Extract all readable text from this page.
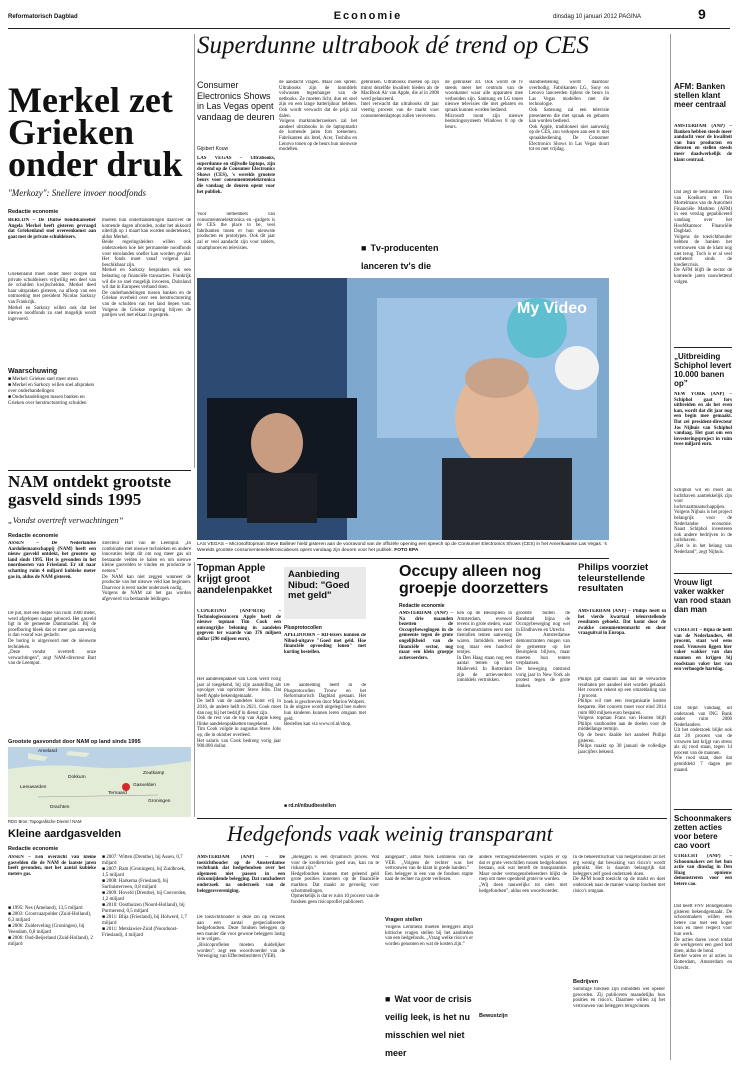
Reformatorisch Dagblad	Economie	dinsdag 10 januari 2012 PAGINA	9
Merkel zet Grieken onder druk
"Merkozy": Snellere invoer noodfonds
Redactie economie
BERLIJN – De Duitse bondskanselier Angela Merkel heeft gisteren gevraagd dat Griekenland snel overeenkomst aan gaat met de private schuldeisers.
Griekenland moet onder meer zorgen dat private schuldeisers vrijwillig een deel van de schulden kwijtschelden. Merkel deed haar uitspraken gisteren, na afloop van een ontmoeting met president Nicolas Sarkozy van Frankrijk.
Merkel en Sarkozy willen ook dat het nieuwe noodfonds zo snel mogelijk wordt ingevoerd.
Waarschuwing
■ Merkel: Grieken snel meer steun
■ Merkel en Sarkozy willen snel afspraken over onderhandelingen
■ Onderhandelingen tussen banken en Grieken over herstructurering schulden
moeten hun onderhandelingen daarover de komende dagen afronden, zodat het akkoord uiterlijk op 1 maart kan worden ondertekend, aldus Merkel.
Beide regeringsleiders willen ook onderzoeken hoe het permanente noodfonds voor eurolanden sneller kan worden gevuld. Het fonds moet vanaf volgend jaar beschikbaar zijn.
Merkel en Sarkozy bespraken ook een belasting op financiële transacties. Frankrijk wil die zo snel mogelijk invoeren, Duitsland wil dat in Europees verband doen.
De onderhandelingen tussen banken en de Griekse overheid over een herstructurering van de schulden van het land liepen vast. Volgens de Griekse regering blijven de partijen wel met elkaar in gesprek.
Superdunne ultrabook dé trend op CES
Consumer Electronics Shows in Las Vegas opent vandaag de deuren
Gijsbert Kouw
LAS VEGAS – Ultrabooks, superdunne en stijlvolle laptops, zijn de trend op de Consumer Electronics Shows (CES), 's werelds grootste beurs voor consumentenelektronica die vandaag de deuren opent voor het publiek.
Voor liefhebbers van consumentenelektronica en -gadgets is de CES the place to be, veel fabrikanten tonen er hun nieuwste producten en prototypes. Ook dit jaar zal er veel aandacht zijn voor tablets, smartphones en televisies.
de aandacht vragen. Maar ook sprekt. Ultrabooks zijn de inmiddels volwassen tegenhanger van de netbooks. Ze moeten licht, dun en snel zijn en een lange batterijduur hebben. Ook wordt verwacht dat de prijs zal dalen.
Volgens marktonderzoekers zal het aandeel ultrabooks in de laptopmarkt de komende jaren fors toenemen. Fabrikanten als Intel, Acer, Toshiba en Lenovo tonen op de beurs hun nieuwste modellen.
gebruiken. Ultrabooks moeten op zijn minst dezelfde kwaliteit bieden als de MacBook Air van Apple, die al in 2008 werd gelanceerd.
Intel verwacht dat ultrabooks dit jaar veertig procent van de markt voor consumentenlaptops zullen veroveren.
■ Tv-producenten lanceren tv's die
de gebruiker zit. Ook wordt de tv steeds meer het centrum van de woonkamer waar alle apparaten mee verbonden zijn. Samsung en LG tonen nieuwe televisies die met gebaren en spraak kunnen worden bediend.
Microsoft toont zijn nieuwe besturingssysteem Windows 8 op de beurs.
standbediening wordt daardoor overbodig. Fabrikanten LG, Sony en Lenovo lanceerden tijdens de beurs in Las Vegas modellen met die technologie.
Ook Samsung zal een televisie presenteren die met spraak en gebaren kan worden bediend.
Ook Apple, traditioneel niet aanwezig op de CES, zou verkopen aan een tv met spraakbediening. De Consumer Electronics Shows in Las Vegas duurt tot en met vrijdag.
My Video
LAS VEGAS – Microsofttopman Steve Ballmer hield gisteren aan de vooravond van de officiële opening een speech op de Consumer Electronics Shows (CES) in het Amerikaanse Las Vegas. 's Werelds grootste consumentenelektronicabeurs opent vandaag zijn deuren voor het publiek. FOTO EPA
NAM ontdekt grootste gasveld sinds 1995
„Vondst overtreft verwachtingen”
Redactie economie
ASSEN – De Nederlandse Aardoliemaatschappij (NAM) heeft een nieuw gasveld ontdekt, het grootste op land sinds 1995. Het is gevonden in het noordoosten van Friesland. Er zit naar schatting ruim 4 miljard kubieke meter gas in, aldus de NAM gisteren.
De put, met een diepte van ruim 3900 meter, werd afgelopen najaar geboord. Het gasveld ligt in de gemeente Dantumadiel. Bij de proefboring bleek dat er meer gas aanwezig is dan vooraf was gedacht.
De boring is uitgevoerd met de nieuwste technieken.
„Deze vondst overtreft onze verwachtingen”, zegt NAM-directeur Bart van de Leemput.
directeur Bart van de Leemput. „In combinatie met nieuwe technieken en andere innovaties helpt dit om nog meer gas uit bestaande velden te halen en om nieuwe kleine gasvelden te vinden en productie te nemen.”
De NAM kan niet zeggen wanneer de productie van het nieuwe veld kan beginnen. Daarvoor is eerst nader onderzoek nodig.
Volgens de NAM zal het gas worden afgevoerd via bestaande leidingen.
Grootste gasvondst door NAM op land sinds 1995
Leeuwarden
Dokkum
Ameland
Groningen
Drachten
Zoutkamp
Gasvelden
Ternaard
RDG Bron: Topografische Dienst / NAM
Kleine aardgasvelden
Redactie economie
ASSEN – Een overzicht van kleine gasvelden die de NAM de laatste jaren heeft gevonden, met het aantal kubieke meters gas.
■ 1995: Nes (Ameland), 13,5 miljard
■ 2003: Grootvaarpolder (Zuid-Holland), 0,3 miljard
■ 2006: Zuiderveling (Groningen), bij Veendam, 0,8 miljard
■ 2006: Oud-Beijerland (Zuid-Holland), 2 miljard
■ 2007: Witten (Drenthe), bij Assen, 0,7 miljard
■ 2007: Ram (Groningen), bij Zuidbroek, 1,5 miljard
■ 2008: Harkema (Friesland), bij Surhuisterveen, 0,8 miljard
■ 2009: Hoveld (Drenthe), bij Coevorden, 1,2 miljard
■ 2010: Oosthuizen (Noord-Holland), bij Purmerend, 0,5 miljard
■ 2011: Blija (Friesland), bij Holwerd, 1,7 miljard
■ 2011: Metslawier-Zuid (Noordoost-Friesland), 4 miljard
Topman Apple krijgt groot aandelenpakket
CUPERTINO (ANP/RTR) – Technologieconcern Apple heeft de nieuwe topman Tim Cook een omvangrijke beloning in aandelen gegeven ter waarde van 376 miljoen dollar (296 miljoen euro).
Het aandelenpakket van Cook werd vorig jaar al toegekend, bij zijn aanstelling als opvolger van oprichter Steve Jobs. Dat heeft Apple bekendgemaakt.
De helft van de aandelen komt vrij in 2016, de andere helft in 2021. Cook moet dan nog bij het bedrijf in dienst zijn.
Ook de rest van de top van Apple kreeg flinke aandelenpakketten toegekend.
Tim Cook volgde in augustus Steve Jobs op, die in oktober overleed.
Het salaris van Cook bedroeg vorig jaar 900.000 dollar.
Aanbieding Nibud: "Goed met geld"
Plusprotocollen
APELDOORN – RD-lezers kunnen de Nibud-uitgave "Goed met geld. Hoe financiële opvoeding lonen" met korting bestellen.
De aanbieding heeft in de Plusprotocollen Trouw en het Reformatorisch Dagblad gestaan. Het boek is geschreven door Marion Wolpers.
In de uitgave wordt uitgelegd hoe ouders hun kinderen kunnen leren omgaan met geld.
Bestellen kan via www.rd.nl/shop.
■ rd.nl/nibudbestellen
Occupy alleen nog groepje doorzetters
Redactie economie
AMSTERDAM (ANP) – Na drie maanden bezetten de Occupybewegingen in de gemeente tegen de grote ongelijkheid van de financiële sector, nog maar een klein groepje actievoerders.
ken op de Beursplein in Amsterdam, evenwel tevens in grote steden, waar de demonstranten eerst met tientallen tenten aanwezig waren. Inmiddels resteert nog maar een handvol tentjes.
In Den Haag staan nog een aantal tenten op het Malieveld. In Rotterdam zijn de actievoerders inmiddels vertrokken.
grootste buiten de Randstad bijna de Occupybeweging nog wel in Eindhoven en Utrecht.
De Amsterdamse demonstranten mogen van de gemeente op het Beursplein blijven, maar moeten hun tenten verplaatsen.
De beweging ontstond vorig jaar in New York als protest tegen de grote banken.
Philips voorziet teleurstellende resultaten
AMSTERDAM (ANP) – Philips heeft in het vierde kwartaal teleurstellende resultaten geboekt. Dat komt door de zwakke consumentenmarkt en door vraaguitval in Europa.
Philips gaf daarom aan dat de verwachte resultaten per aandeel niet worden gehaald. Het concern rekent op een omzetdaling van 1 procent.
Philips wil met een reorganisatie kosten besparen. Het concern moet voor eind 2014 ruim 800 miljoen euro besparen.
Volgens topman Frans van Houten blijft Philips vasthouden aan de doelen voor de middellange termijn.
Op de beurs daalde het aandeel Philips gisteren.
Philips maakt op 30 januari de volledige jaarcijfers bekend.
Hedgefonds vaak weinig transparant
AMSTERDAM (ANP) – De toezichthouder op de Amsterdamse rechtbank dat hedgefondsen over het algemeen niet passen in een risicomijdende belegging. Dat concludeert onderzoek na onderzoek van de beleggersvereniging.
De toezichthouder is deze zin op verzoek aan een aantal gespecialiseerde hedgefondsen. Deze fondsen beleggen op een manier die voor gewone beleggers lastig is te volgen.
„Risicoprofielen moeten duidelijker worden”, zegt een woordvoerder van de Vereniging van Effectenbezitters (VEB).
„Beleggen is een dynamisch proces. Wat voor de kredietcrisis goed was, kan nu te riskant zijn.”
Hedgefondsen kunnen met geleend geld grote posities innemen op de financiële markten. Dat maakt ze gevoelig voor schommelingen.
Opmerkelijk is dat er ruim 10 procent van de fondsen geen risicoprofiel publiceert.
aangepast”, aldus Niels Lemmens van de VEB. „Volgens de rechter was het vertrouwen van de klant in goede handen.”
Een belegger in een van de fondsen stapte naar de rechter na grote verliezen.
Vragen stellen
Volgens Lemmens moeten beleggers altijd kritische vragen stellen bij het aanbieden van een hedgefonds. „Vraag welke risico's er worden genomen en wat de kosten zijn.”
■ Wat voor de crisis veilig leek, is het nu misschien wel niet meer
andere vermogensbeheerders wijzen er op dat er grote verschillen tussen hedgefondsen bestaan, ook wat betreft de transparantie. Maar onder vermogensbeheerders blijkt de roep om meer openheid groter te worden.
„Wij doen nauwelijks tot niets met hedgefondsen”, aldus een woordvoerder.
Bewustzijn
In de beheerstructuur van hedgefondsen zit het erg weinig dat bewaking van risico's wordt gebruikt. Het is daarom belangrijk dat beleggers zelf goed onderzoek doen.
De AFM houdt toezicht op de markt en doet onderzoek naar de manier waarop fondsen met risico's omgaan.
Bedrijven
Sommige fondsen zijn inmiddels wel opener geworden. Zij publiceren maandelijks hun posities en risico's. Daarmee willen zij het vertrouwen van beleggers terugwinnen.
AFM: Banken stellen klant meer centraal
AMSTERDAM (ANP) – Banken hebben steeds meer aandacht voor de kwaliteit van hun producten en diensten en stellen steeds meer daadwerkelijk de klant centraal.
Dat zegt de bestuurder Theo van Koelkom en Tim Mortelmans van de Autoriteit Financiële Markten (AFM) in een verslag gepubliceerd vandaag over het Hoofdkantoor Financiële Dagblad.
Volgens de toezichthouder hebben de banken het vertrouwen van de klant nog niet terug. Toch is er al veel verbeterd sinds de kredietcrisis.
De AFM blijft de sector de komende jaren nauwlettend volgen.
„Uitbreiding Schiphol levert 10.000 banen op”
NEW YORK (ANP) – Schiphol gaat fors uitbreiden en als het even kan, wordt dat dit jaar nog een begin mee gemaakt. Dat zei president-directeur Jos Nijhuis van Schiphol vandaag. Het gaat om een investeringsproject in ruim twee miljard euro.
Schiphol wil en moet als luchthaven aantrekkelijk zijn voor luchtvaartmaatschappijen.
Volgens Nijhuis is het project belangrijk voor de Nederlandse economie. Naast Schiphol investeren ook andere bedrijven in de luchthaven.
„Het is in het belang van Nederland”, zegt Nijhuis.
Vrouw ligt vaker wakker van rood staan dan man
UTRECHT – Bijna de helft van de Nederlanders, 48 procent, staat wel eens rood. Vrouwen liggen hier vaker wakker van dan mannen en krijgen bij roodstaan vaker last van een verhoogde hartslag.
Dat blijkt vandaag uit onderzoek van ING Bank onder ruim 2000 Nederlanders.
Uit het onderzoek blijkt ook dat 26 procent van de vrouwen last krijgt van stress als zij rood staan, tegen 14 procent van de mannen.
Wie rood staat, doet dat gemiddeld 7 dagen per maand.
Schoonmakers zetten acties voor betere cao voort
UTRECHT (ANP) – Schoonmakers zet het hun actie van dinsdag in Den Haag opnieuw demonstreren voor een betere cao.
Dat heeft FNV Bondgenoten gisteren bekendgemaakt. De schoonmakers willen een betere cao met een hoger loon en meer respect voor hun werk.
De acties duren voort totdat de werkgevers een goed bod doen, aldus de bond.
Eerder waren er al acties in Rotterdam, Amsterdam en Utrecht.
